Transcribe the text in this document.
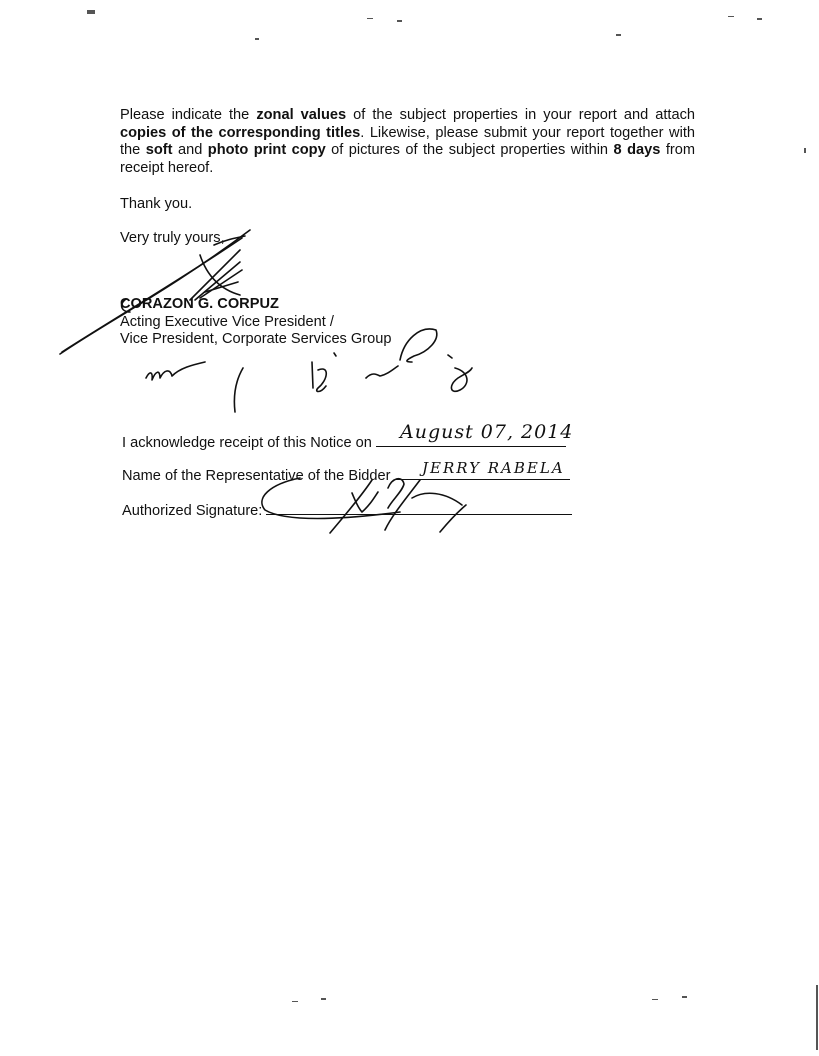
Please indicate the zonal values of the subject properties in your report and attach copies of the corresponding titles. Likewise, please submit your report together with the soft and photo print copy of pictures of the subject properties within 8 days from receipt hereof.

Thank you.
Very truly yours,
CORAZON G. CORPUZ
Acting Executive Vice President /
Vice President, Corporate Services Group
I acknowledge receipt of this Notice on	August 07, 2014
Name of the Representative of the Bidder	JERRY RABELA
Authorized Signature:
